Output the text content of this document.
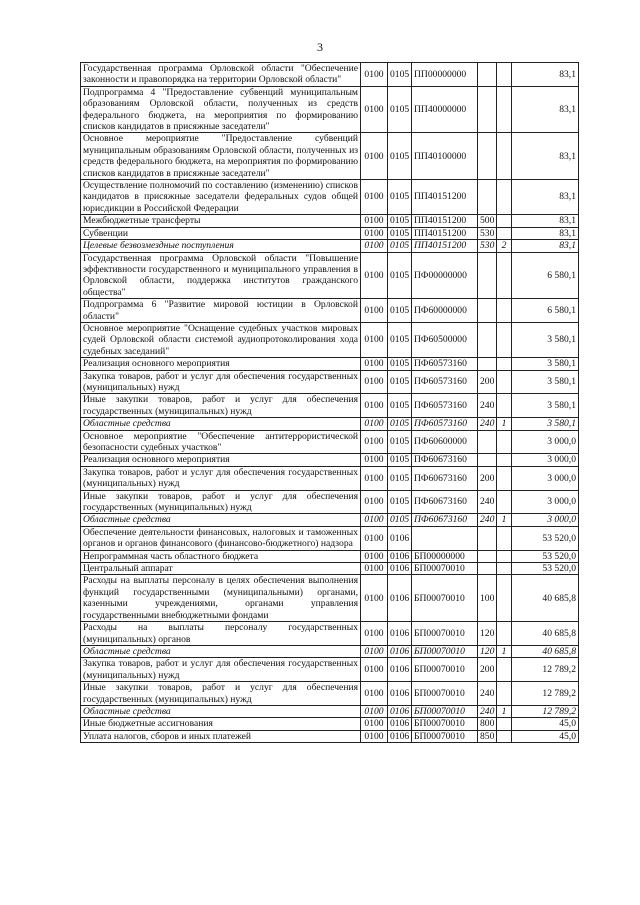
3
Государственная программа Орловской области "Обеспечение законности и правопорядка на территории Орловской области"	0100	0105	ПП00000000			83,1
Подпрограмма 4 "Предоставление субвенций муниципальным образованиям Орловской области, полученных из средств федерального бюджета, на мероприятия по формированию списков кандидатов в присяжные заседатели"	0100	0105	ПП40000000			83,1
Основное мероприятие "Предоставление субвенций муниципальным образованиям Орловской области, полученных из средств федерального бюджета, на мероприятия по формированию списков кандидатов в присяжные заседатели"	0100	0105	ПП40100000			83,1
Осуществление полномочий по составлению (изменению) списков кандидатов в присяжные заседатели федеральных судов общей юрисдикции в Российской Федерации	0100	0105	ПП40151200			83,1
Межбюджетные трансферты	0100	0105	ПП40151200	500		83,1
Субвенции	0100	0105	ПП40151200	530		83,1
Целевые безвозмездные поступления	0100	0105	ПП40151200	530	2	83,1
Государственная программа Орловской области "Повышение эффективности государственного и муниципального управления в Орловской области, поддержка институтов гражданского общества"	0100	0105	ПФ00000000			6 580,1
Подпрограмма 6 "Развитие мировой юстиции в Орловской области"	0100	0105	ПФ60000000			6 580,1
Основное мероприятие "Оснащение судебных участков мировых судей Орловской области системой аудиопротоколирования хода судебных заседаний"	0100	0105	ПФ60500000			3 580,1
Реализация основного мероприятия	0100	0105	ПФ60573160			3 580,1
Закупка товаров, работ и услуг для обеспечения государственных (муниципальных) нужд	0100	0105	ПФ60573160	200		3 580,1
Иные закупки товаров, работ и услуг для обеспечения государственных (муниципальных) нужд	0100	0105	ПФ60573160	240		3 580,1
Областные средства	0100	0105	ПФ60573160	240	1	3 580,1
Основное мероприятие "Обеспечение антитеррористической безопасности судебных участков"	0100	0105	ПФ60600000			3 000,0
Реализация основного мероприятия	0100	0105	ПФ60673160			3 000,0
Закупка товаров, работ и услуг для обеспечения государственных (муниципальных) нужд	0100	0105	ПФ60673160	200		3 000,0
Иные закупки товаров, работ и услуг для обеспечения государственных (муниципальных) нужд	0100	0105	ПФ60673160	240		3 000,0
Областные средства	0100	0105	ПФ60673160	240	1	3 000,0
Обеспечение деятельности финансовых, налоговых и таможенных органов и органов финансового (финансово-бюджетного) надзора	0100	0106				53 520,0
Непрограммная часть областного бюджета	0100	0106	БП00000000			53 520,0
Центральный аппарат	0100	0106	БП00070010			53 520,0
Расходы на выплаты персоналу в целях обеспечения выполнения функций государственными (муниципальными) органами, казенными учреждениями, органами управления государственными внебюджетными фондами	0100	0106	БП00070010	100		40 685,8
Расходы на выплаты персоналу государственных (муниципальных) органов	0100	0106	БП00070010	120		40 685,8
Областные средства	0100	0106	БП00070010	120	1	40 685,8
Закупка товаров, работ и услуг для обеспечения государственных (муниципальных) нужд	0100	0106	БП00070010	200		12 789,2
Иные закупки товаров, работ и услуг для обеспечения государственных (муниципальных) нужд	0100	0106	БП00070010	240		12 789,2
Областные средства	0100	0106	БП00070010	240	1	12 789,2
Иные бюджетные ассигнования	0100	0106	БП00070010	800		45,0
Уплата налогов, сборов и иных платежей	0100	0106	БП00070010	850		45,0
